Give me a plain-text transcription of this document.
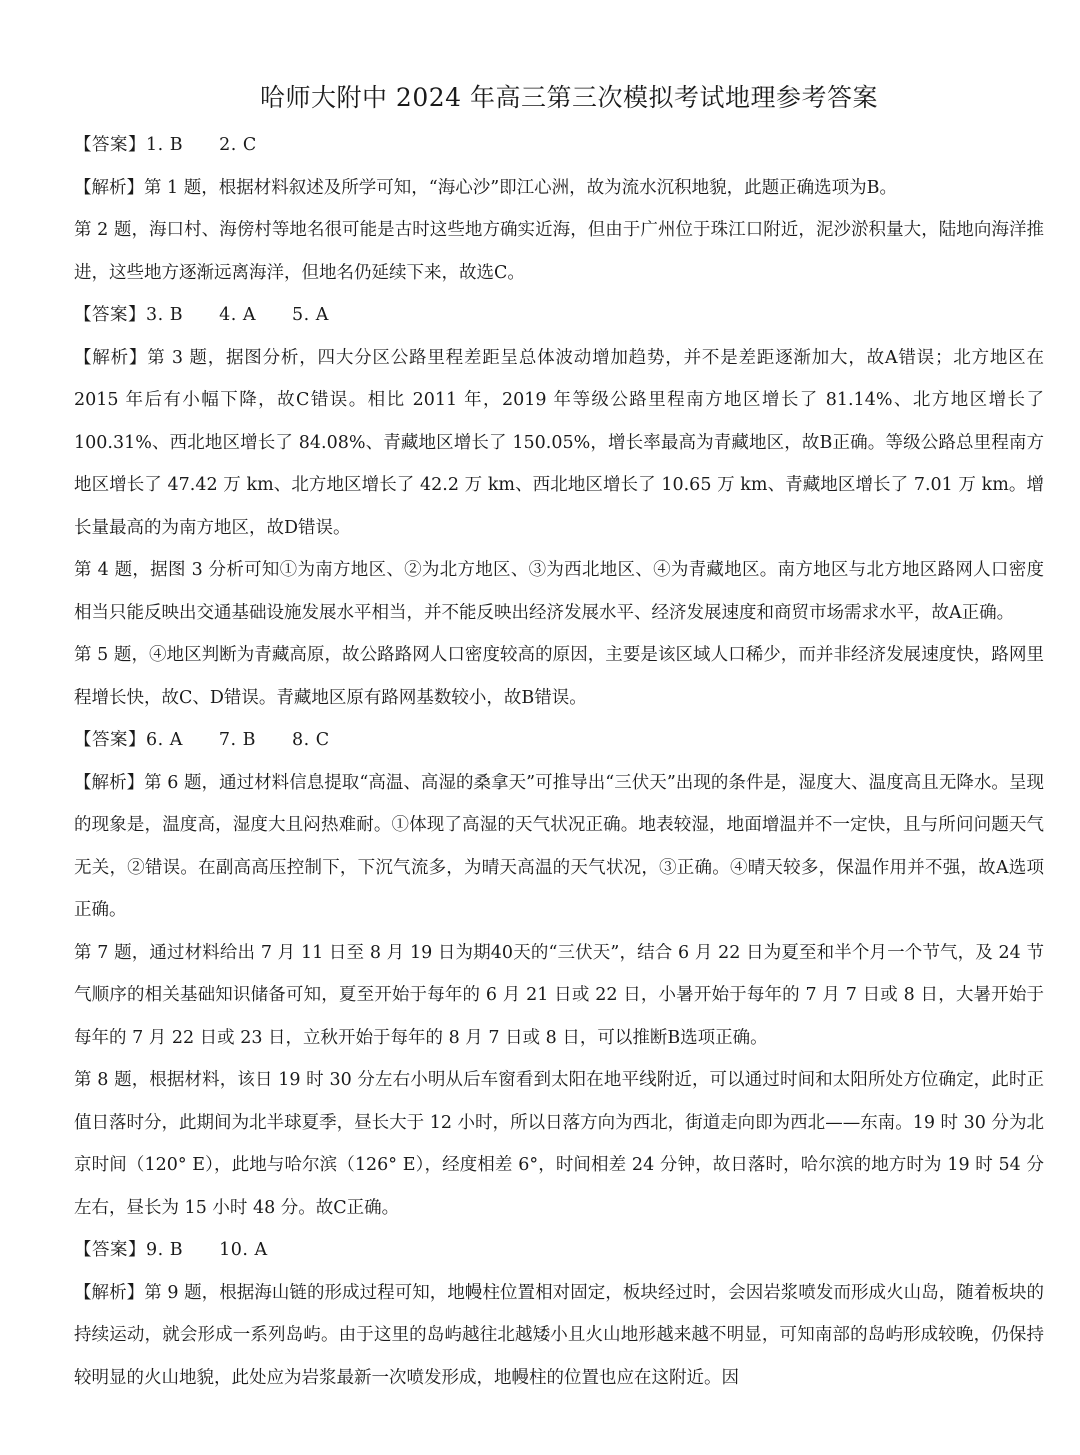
哈师大附中 2024 年高三第三次模拟考试地理参考答案

【答案】1. B　　2. C

【解析】第 1 题，根据材料叙述及所学可知，“海心沙”即江心洲，故为流水沉积地貌，此题正确选项为B。

第 2 题，海口村、海傍村等地名很可能是古时这些地方确实近海，但由于广州位于珠江口附近，泥沙淤积量大，陆地向海洋推进，这些地方逐渐远离海洋，但地名仍延续下来，故选C。

【答案】3. B　　4. A　　5. A

【解析】第 3 题，据图分析，四大分区公路里程差距呈总体波动增加趋势，并不是差距逐渐加大，故A错误；北方地区在 2015 年后有小幅下降，故C错误。相比 2011 年，2019 年等级公路里程南方地区增长了 81.14%、北方地区增长了 100.31%、西北地区增长了 84.08%、青藏地区增长了 150.05%，增长率最高为青藏地区，故B正确。等级公路总里程南方地区增长了 47.42 万 km、北方地区增长了 42.2 万 km、西北地区增长了 10.65 万 km、青藏地区增长了 7.01 万 km。增长量最高的为南方地区，故D错误。

第 4 题，据图 3 分析可知①为南方地区、②为北方地区、③为西北地区、④为青藏地区。南方地区与北方地区路网人口密度相当只能反映出交通基础设施发展水平相当，并不能反映出经济发展水平、经济发展速度和商贸市场需求水平，故A正确。

第 5 题，④地区判断为青藏高原，故公路路网人口密度较高的原因，主要是该区域人口稀少，而并非经济发展速度快，路网里程增长快，故C、D错误。青藏地区原有路网基数较小，故B错误。

【答案】6. A　　7. B　　8. C

【解析】第 6 题，通过材料信息提取“高温、高湿的桑拿天”可推导出“三伏天”出现的条件是，湿度大、温度高且无降水。呈现的现象是，温度高，湿度大且闷热难耐。①体现了高湿的天气状况正确。地表较湿，地面增温并不一定快，且与所问问题天气无关，②错误。在副高高压控制下，下沉气流多，为晴天高温的天气状况，③正确。④晴天较多，保温作用并不强，故A选项正确。

第 7 题，通过材料给出 7 月 11 日至 8 月 19 日为期40天的“三伏天”，结合 6 月 22 日为夏至和半个月一个节气，及 24 节气顺序的相关基础知识储备可知，夏至开始于每年的 6 月 21 日或 22 日，小暑开始于每年的 7 月 7 日或 8 日，大暑开始于每年的 7 月 22 日或 23 日，立秋开始于每年的 8 月 7 日或 8 日，可以推断B选项正确。

第 8 题，根据材料，该日 19 时 30 分左右小明从后车窗看到太阳在地平线附近，可以通过时间和太阳所处方位确定，此时正值日落时分，此期间为北半球夏季，昼长大于 12 小时，所以日落方向为西北，街道走向即为西北——东南。19 时 30 分为北京时间（120° E），此地与哈尔滨（126° E），经度相差 6°，时间相差 24 分钟，故日落时，哈尔滨的地方时为 19 时 54 分左右，昼长为 15 小时 48 分。故C正确。

【答案】9. B　　10. A

【解析】第 9 题，根据海山链的形成过程可知，地幔柱位置相对固定，板块经过时，会因岩浆喷发而形成火山岛，随着板块的持续运动，就会形成一系列岛屿。由于这里的岛屿越往北越矮小且火山地形越来越不明显，可知南部的岛屿形成较晚，仍保持较明显的火山地貌，此处应为岩浆最新一次喷发形成，地幔柱的位置也应在这附近。因
